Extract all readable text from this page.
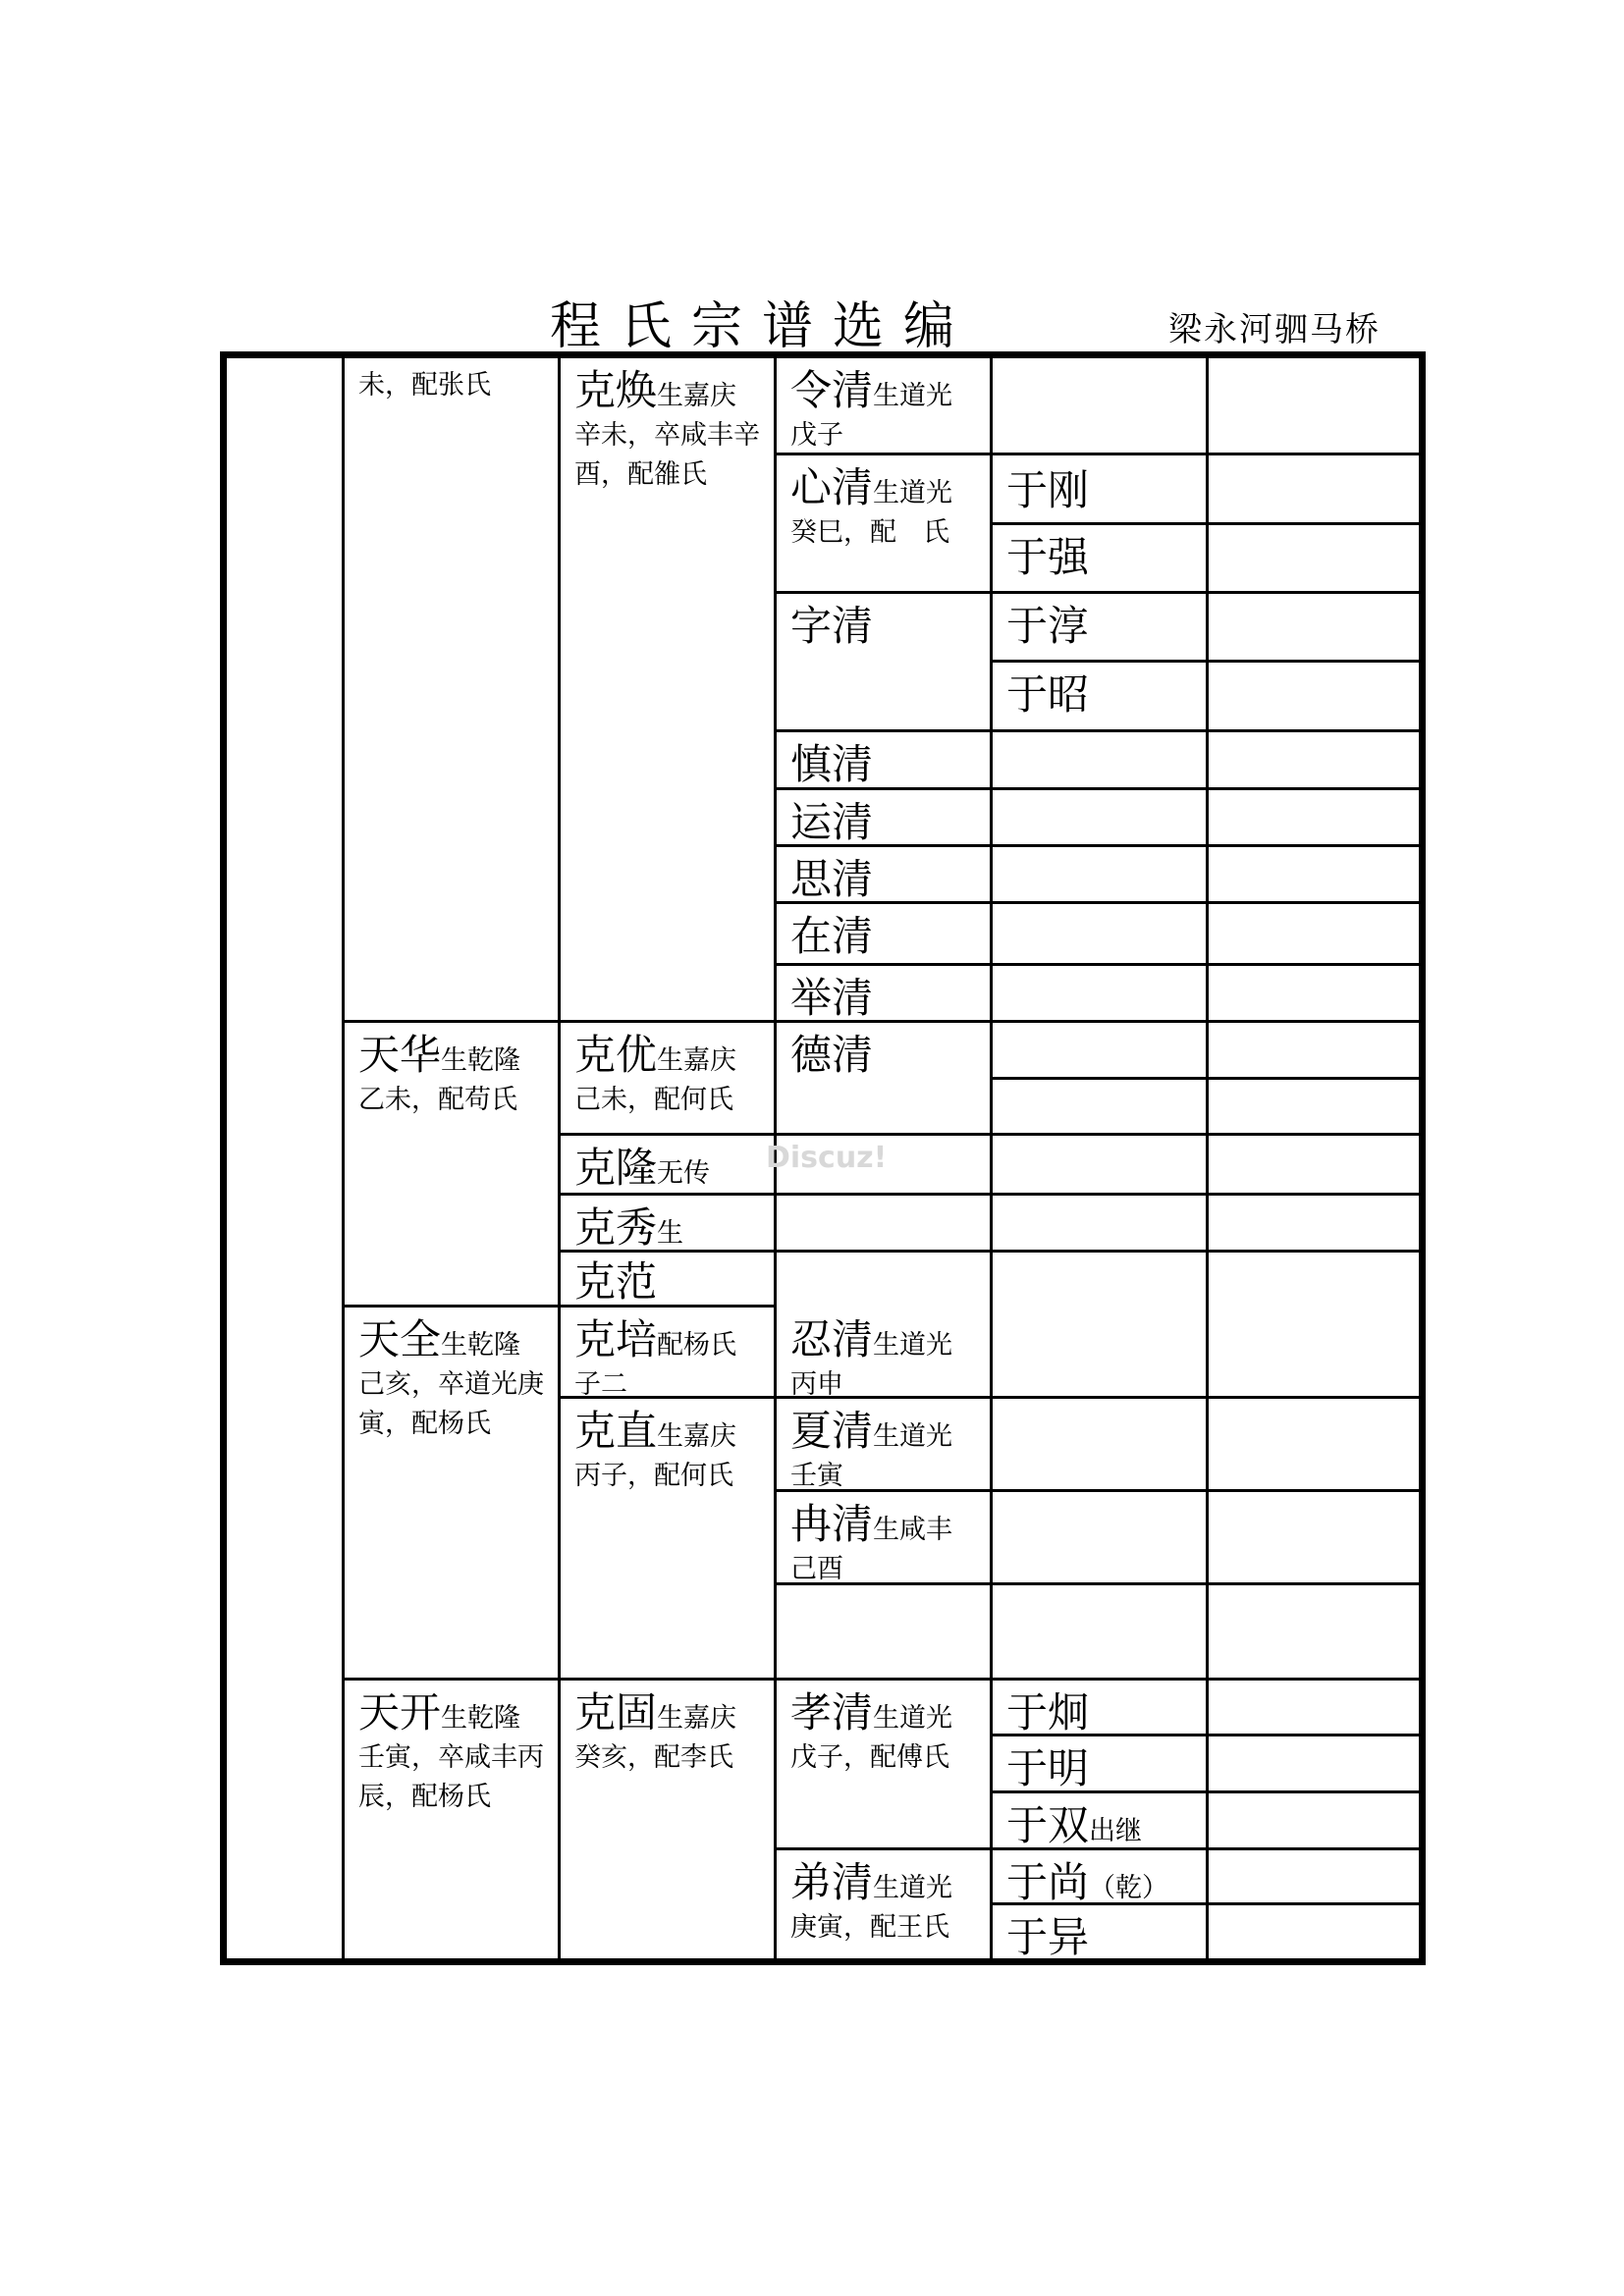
程氏宗谱选编	梁永河驷马桥
未，配张氏
天华生乾隆
乙未，配苟氏
天全生乾隆
己亥，卒道光庚寅，配杨氏
天开生乾隆
壬寅，卒咸丰丙辰，配杨氏
克焕生嘉庆
辛未，卒咸丰辛酉，配雒氏
克优生嘉庆
己未，配何氏
克隆无传
克秀生
克范
克培配杨氏
子二
克直生嘉庆
丙子，配何氏
克固生嘉庆
癸亥，配李氏
令清生道光
戊子
心清生道光
癸巳，配　氏
字清
慎清
运清
思清
在清
举清
德清
忍清生道光
丙申
夏清生道光
壬寅
冉清生咸丰
己酉
孝清生道光
戊子，配傅氏
弟清生道光
庚寅，配王氏
于刚
于强
于淳
于昭
于炯
于明
于双出继
于尚（乾）
于异
Discuz!
